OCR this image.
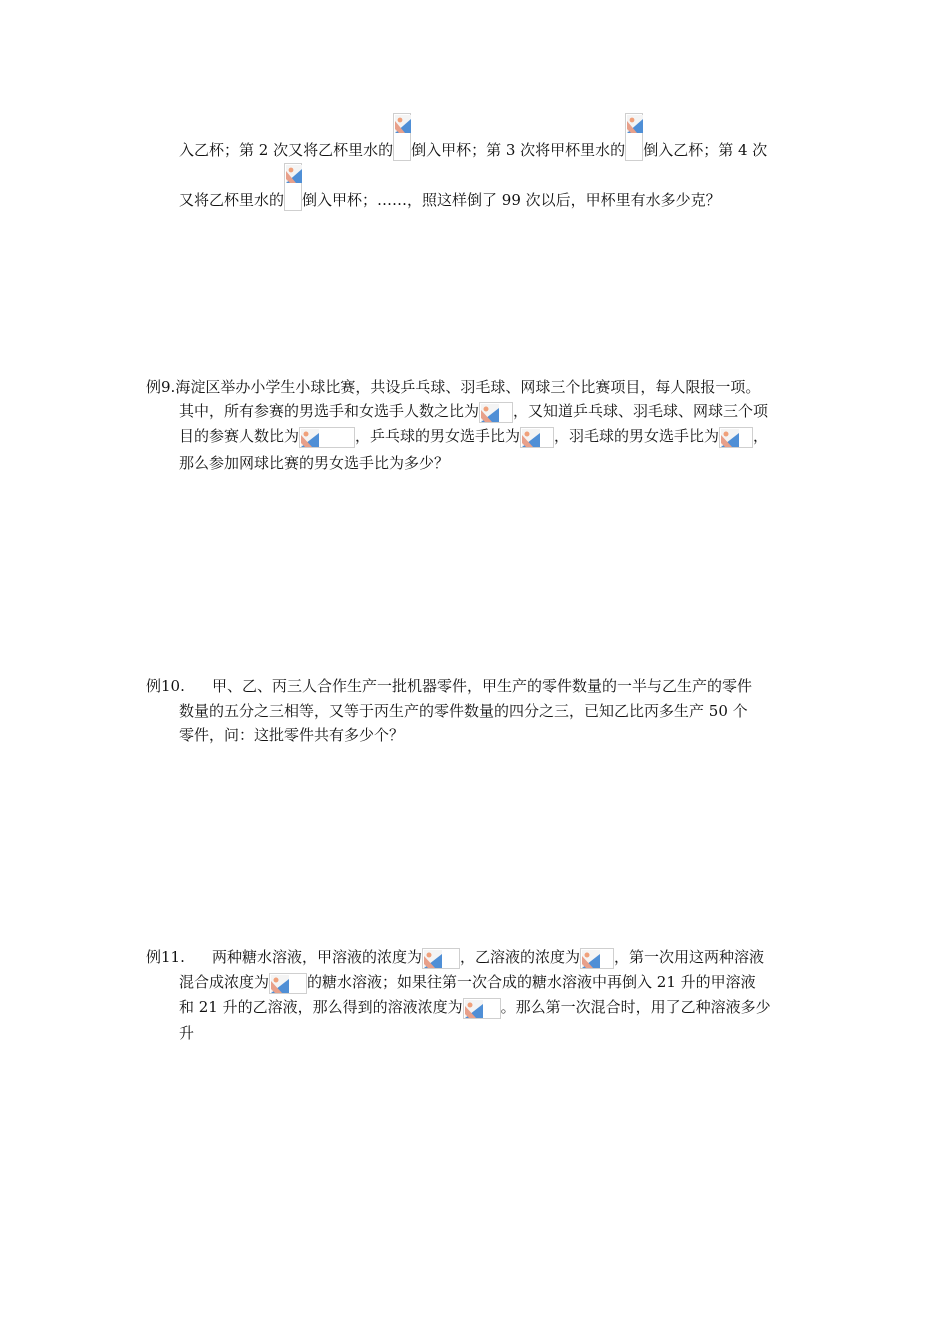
入乙杯；第 2 次又将乙杯里水的 倒入甲杯；第 3 次将甲杯里水的 倒入乙杯；第 4 次
又将乙杯里水的 倒入甲杯；……，照这样倒了 99 次以后，甲杯里有水多少克？
例9.海淀区举办小学生小球比赛，共设乒乓球、羽毛球、网球三个比赛项目，每人限报一项。
其中，所有参赛的男选手和女选手人数之比为 ，又知道乒乓球、羽毛球、网球三个项
目的参赛人数比为	，乒乓球的男女选手比为 ，羽毛球的男女选手比为 ，
那么参加网球比赛的男女选手比为多少？
例10. 甲、乙、丙三人合作生产一批机器零件，甲生产的零件数量的一半与乙生产的零件
数量的五分之三相等，又等于丙生产的零件数量的四分之三，已知乙比丙多生产 50 个
零件，问：这批零件共有多少个？
例11. 两种糖水溶液，甲溶液的浓度为	，乙溶液的浓度为 ，第一次用这两种溶液
混合成浓度为	的糖水溶液；如果往第一次合成的糖水溶液中再倒入 21 升的甲溶液
和 21 升的乙溶液，那么得到的溶液浓度为	。那么第一次混合时，用了乙种溶液多少
升
